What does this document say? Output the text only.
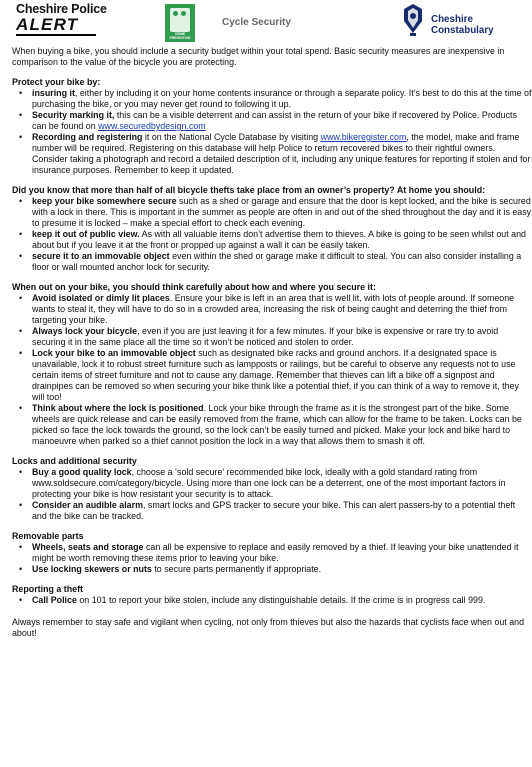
Cheshire Police
ALERT	CRIME PREVENTION
Cycle Security	Cheshire
Constabulary

When buying a bike, you should include a security budget within your total spend. Basic security measures are inexpensive in comparison to the value of the bicycle you are protecting.

Protect your bike by:
• insuring it, either by including it on your home contents insurance or through a separate policy. It’s best to do this at the time of purchasing the bike, or you may never get round to following it up.
• Security marking it, this can be a visible deterrent and can assist in the return of your bike if recovered by Police. Products can be found on www.securedbydesign.com
• Recording and registering it on the National Cycle Database by visiting www.bikeregister.com, the model, make and frame number will be required. Registering on this database will help Police to return recovered bikes to their rightful owners. Consider taking a photograph and record a detailed description of it, including any unique features for reporting if stolen and for insurance purposes. Remember to keep it updated.
Did you know that more than half of all bicycle thefts take place from an owner’s property? At home you should:
• keep your bike somewhere secure such as a shed or garage and ensure that the door is kept locked, and the bike is secured with a lock in there. This is important in the summer as people are often in and out of the shed throughout the day and it is easy to presume it is locked – make a special effort to check each evening.
• keep it out of public view. As with all valuable items don’t advertise them to thieves. A bike is going to be seen whilst out and about but if you leave it at the front or propped up against a wall it can be easily taken.
• secure it to an immovable object even within the shed or garage make it difficult to steal. You can also consider installing a floor or wall mounted anchor lock for security.
When out on your bike, you should think carefully about how and where you secure it:
• Avoid isolated or dimly lit places. Ensure your bike is left in an area that is well lit, with lots of people around. If someone wants to steal it, they will have to do so in a crowded area, increasing the risk of being caught and deterring the thief from targeting your bike.
• Always lock your bicycle, even if you are just leaving it for a few minutes. If your bike is expensive or rare try to avoid securing it in the same place all the time so it won’t be noticed and stolen to order.
• Lock your bike to an immovable object such as designated bike racks and ground anchors. If a designated space is unavailable, lock it to robust street furniture such as lampposts or railings, but be careful to observe any requests not to use certain items of street furniture and not to cause any damage. Remember that thieves can lift a bike off a signpost and drainpipes can be removed so when securing your bike think like a potential thief, if you can think of a way to remove it, they will too!
• Think about where the lock is positioned. Lock your bike through the frame as it is the strongest part of the bike. Some wheels are quick release and can be easily removed from the frame, which can allow for the frame to be taken. Locks can be picked so face the lock towards the ground, so the lock can’t be easily turned and picked. Make your lock and bike hard to manoeuvre when parked so a thief cannot position the lock in a way that allows them to smash it off.
Locks and additional security
• Buy a good quality lock, choose a ‘sold secure’ recommended bike lock, ideally with a gold standard rating from www.soldsecure.com/category/bicycle. Using more than one lock can be a deterrent, one of the most important factors in protecting your bike is how resistant your security is to attack.
• Consider an audible alarm, smart locks and GPS tracker to secure your bike. This can alert passers-by to a potential theft and the bike can be tracked.
Removable parts
• Wheels, seats and storage can all be expensive to replace and easily removed by a thief. If leaving your bike unattended it might be worth removing these items prior to leaving your bike.
• Use locking skewers or nuts to secure parts permanently if appropriate.
Reporting a theft
• Call Police on 101 to report your bike stolen, include any distinguishable details. If the crime is in progress call 999.

Always remember to stay safe and vigilant when cycling, not only from thieves but also the hazards that cyclists face when out and about!
